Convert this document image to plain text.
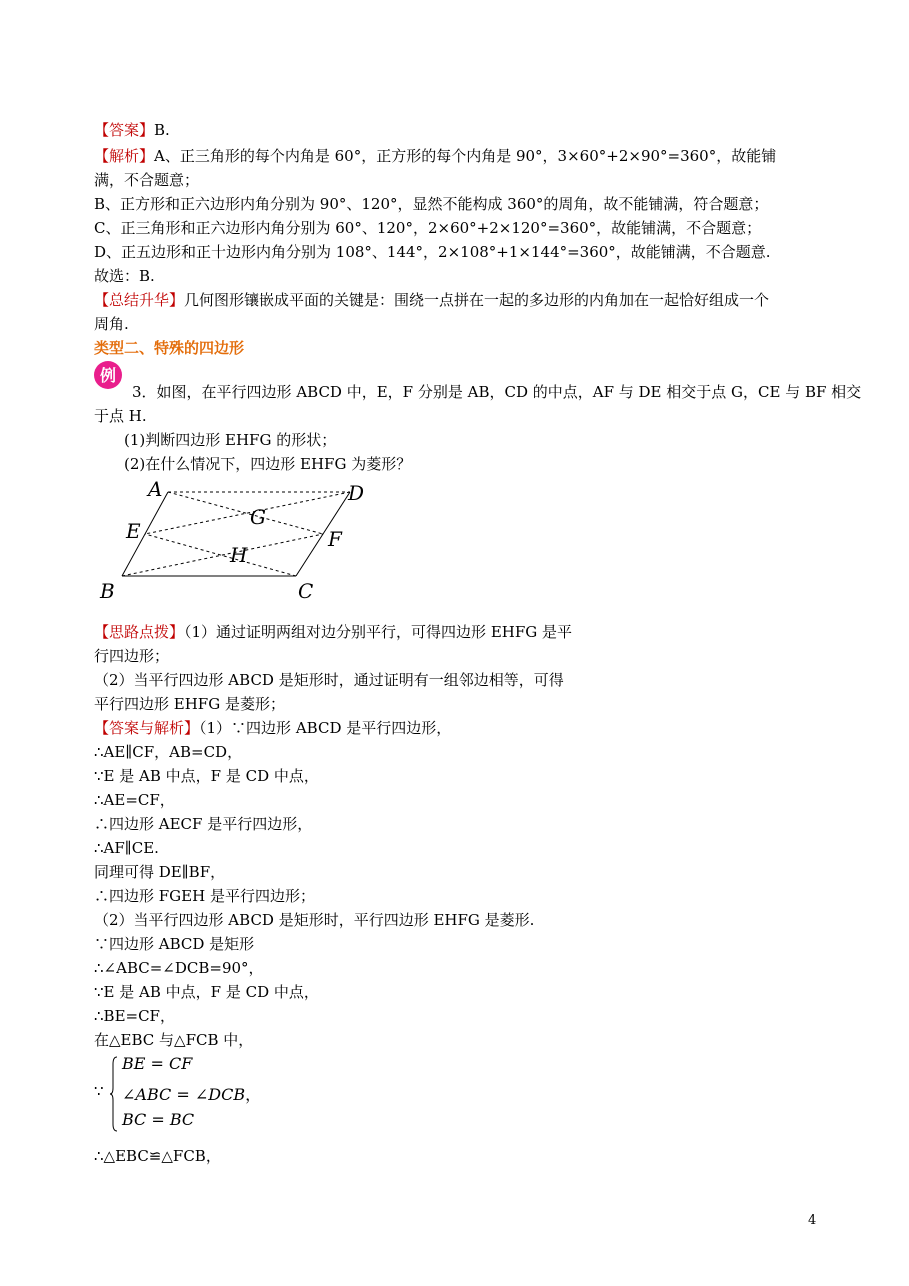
【答案】B.
【解析】A、正三角形的每个内角是 60°，正方形的每个内角是 90°，3×60°+2×90°=360°，故能铺
满，不合题意；
B、正方形和正六边形内角分别为 90°、120°，显然不能构成 360°的周角，故不能铺满，符合题意；
C、正三角形和正六边形内角分别为 60°、120°，2×60°+2×120°=360°，故能铺满，不合题意；
D、正五边形和正十边形内角分别为 108°、144°，2×108°+1×144°=360°，故能铺满，不合题意.
故选：B.
【总结升华】几何图形镶嵌成平面的关键是：围绕一点拼在一起的多边形的内角加在一起恰好组成一个
周角.
类型二、特殊的四边形
例
3．如图，在平行四边形 ABCD 中，E，F 分别是 AB，CD 的中点，AF 与 DE 相交于点 G，CE 与 BF 相交
于点 H.
(1)判断四边形 EHFG 的形状；
(2)在什么情况下，四边形 EHFG 为菱形？
A	D
E	F
G
H
B	C
【思路点拨】（1）通过证明两组对边分别平行，可得四边形 EHFG 是平
行四边形；
（2）当平行四边形 ABCD 是矩形时，通过证明有一组邻边相等，可得
平行四边形 EHFG 是菱形；
【答案与解析】（1）∵四边形 ABCD 是平行四边形，
∴AE∥CF，AB=CD，
∵E 是 AB 中点，F 是 CD 中点，
∴AE=CF，
∴四边形 AECF 是平行四边形，
∴AF∥CE.
同理可得 DE∥BF，
∴四边形 FGEH 是平行四边形；
（2）当平行四边形 ABCD 是矩形时，平行四边形 EHFG 是菱形.
∵四边形 ABCD 是矩形
∴∠ABC=∠DCB=90°，
∵E 是 AB 中点，F 是 CD 中点，
∴BE=CF，
在△EBC 与△FCB 中，
∵
BE = CF
∠ABC = ∠DCB，
BC = BC
∴△EBC≌△FCB，
4
